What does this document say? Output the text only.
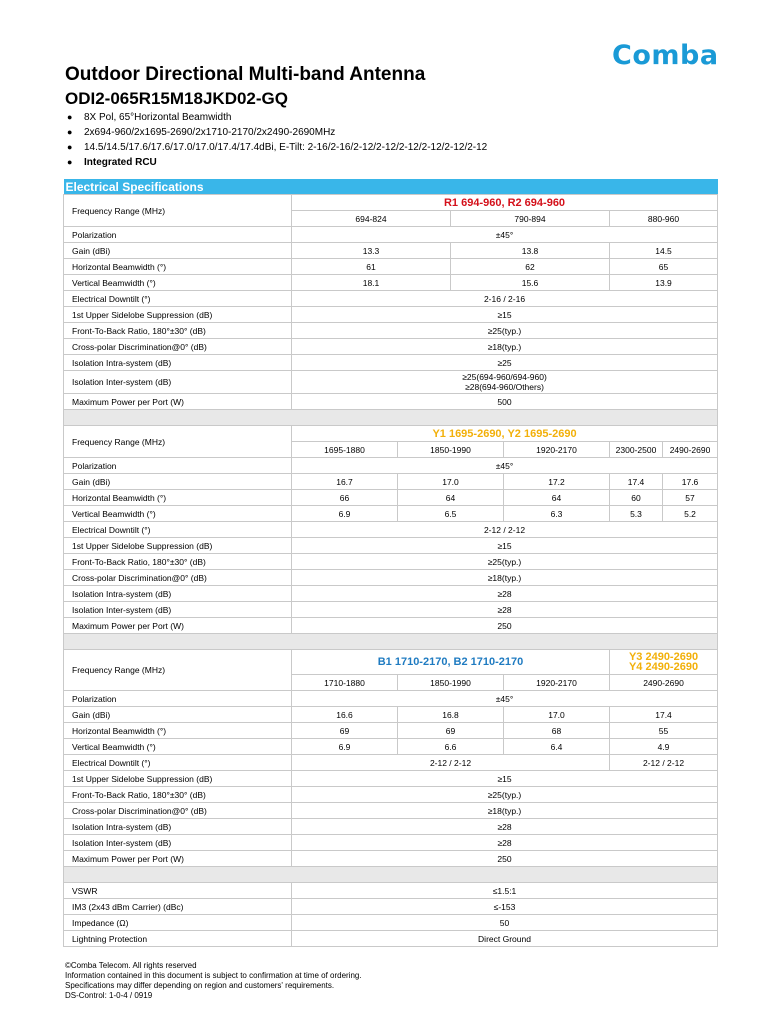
Comba
Outdoor Directional Multi-band Antenna
ODI2-065R15M18JKD02-GQ
● 8X Pol, 65°Horizontal Beamwidth
● 2x694-960/2x1695-2690/2x1710-2170/2x2490-2690MHz
● 14.5/14.5/17.6/17.6/17.0/17.0/17.4/17.4dBi, E-Tilt: 2-16/2-16/2-12/2-12/2-12/2-12/2-12/2-12
● Integrated RCU
Electrical Specifications						
Frequency Range (MHz)	R1 694-960, R2 694-960					
	694-824		790-894		880-960	
Polarization	±45°					
Gain (dBi)	13.3		13.8		14.5	
Horizontal Beamwidth (°)	61		62		65	
Vertical Beamwidth (°)	18.1		15.6		13.9	
Electrical Downtilt (°)	2-16 / 2-16					
1st Upper Sidelobe Suppression (dB)	≥15					
Front-To-Back Ratio, 180°±30° (dB)	≥25(typ.)					
Cross-polar Discrimination@0° (dB)	≥18(typ.)					
Isolation Intra-system (dB)	≥25					
Isolation Inter-system (dB)	≥25(694-960/694-960)
≥28(694-960/Others)					

Maximum Power per Port (W)	500					

Frequency Range (MHz)	Y1 1695-2690, Y2 1695-2690					
	1695-1880	1850-1990		1920-2170	2300-2500	2490-2690
Polarization	±45°					
Gain (dBi)	16.7	17.0		17.2	17.4	17.6
Horizontal Beamwidth (°)	66	64		64	60	57
Vertical Beamwidth (°)	6.9	6.5		6.3	5.3	5.2
Electrical Downtilt (°)	2-12 / 2-12					
1st Upper Sidelobe Suppression (dB)	≥15					
Front-To-Back Ratio, 180°±30° (dB)	≥25(typ.)					
Cross-polar Discrimination@0° (dB)	≥18(typ.)					
Isolation Intra-system (dB)	≥28					
Isolation Inter-system (dB)	≥28					
Maximum Power per Port (W)	250					

Frequency Range (MHz)	B1 1710-2170, B2 1710-2170				Y3 2490-2690
Y4 2490-2690	

	1710-1880	1850-1990		1920-2170	2490-2690	
Polarization	±45°					
Gain (dBi)	16.6	16.8		17.0	17.4	
Horizontal Beamwidth (°)	69	69		68	55	
Vertical Beamwidth (°)	6.9	6.6		6.4	4.9	
Electrical Downtilt (°)	2-12 / 2-12				2-12 / 2-12	
1st Upper Sidelobe Suppression (dB)	≥15					
Front-To-Back Ratio, 180°±30° (dB)	≥25(typ.)					
Cross-polar Discrimination@0° (dB)	≥18(typ.)					
Isolation Intra-system (dB)	≥28					
Isolation Inter-system (dB)	≥28					
Maximum Power per Port (W)	250					

VSWR	≤1.5:1					
IM3 (2x43 dBm Carrier) (dBc)	≤-153					
Impedance (Ω)	50					
Lightning Protection	Direct Ground					
©Comba Telecom. All rights reserved
Information contained in this document is subject to confirmation at time of ordering.
Specifications may differ depending on region and customers' requirements.
DS-Control: 1-0-4 / 0919
